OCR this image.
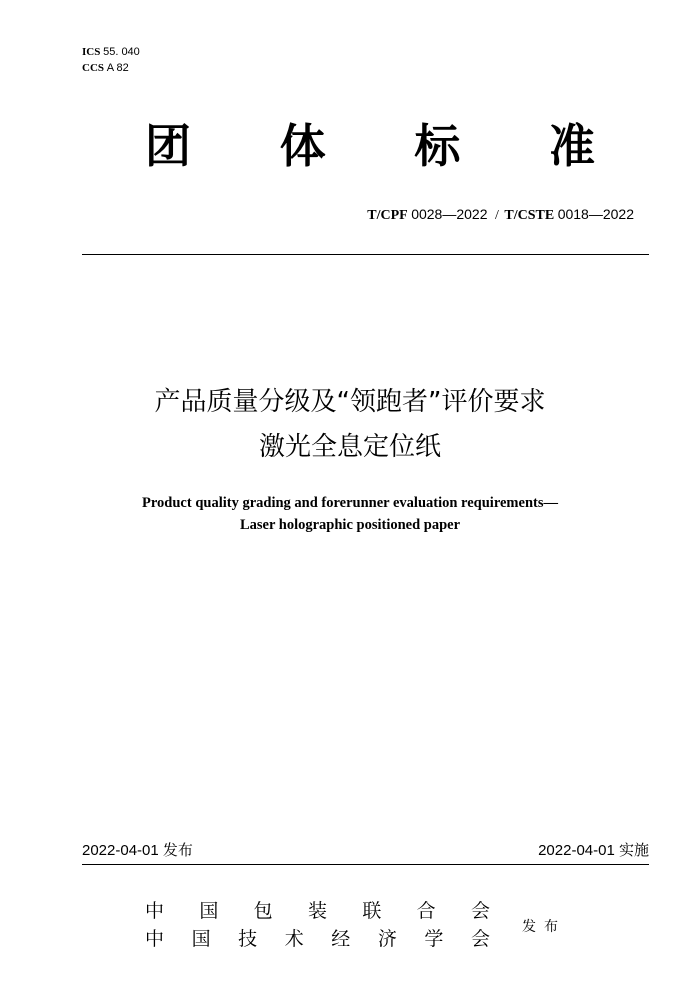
ICS 55. 040
CCS A 82
团 体 标 准
T/CPF 0028—2022 / T/CSTE 0018—2022
产品质量分级及“领跑者”评价要求
激光全息定位纸
Product quality grading and forerunner evaluation requirements—
Laser holographic positioned paper
2022-04-01 发布	2022-04-01 实施
中 国 包 装 联 合 会
中 国 技 术 经 济 学 会
发布
